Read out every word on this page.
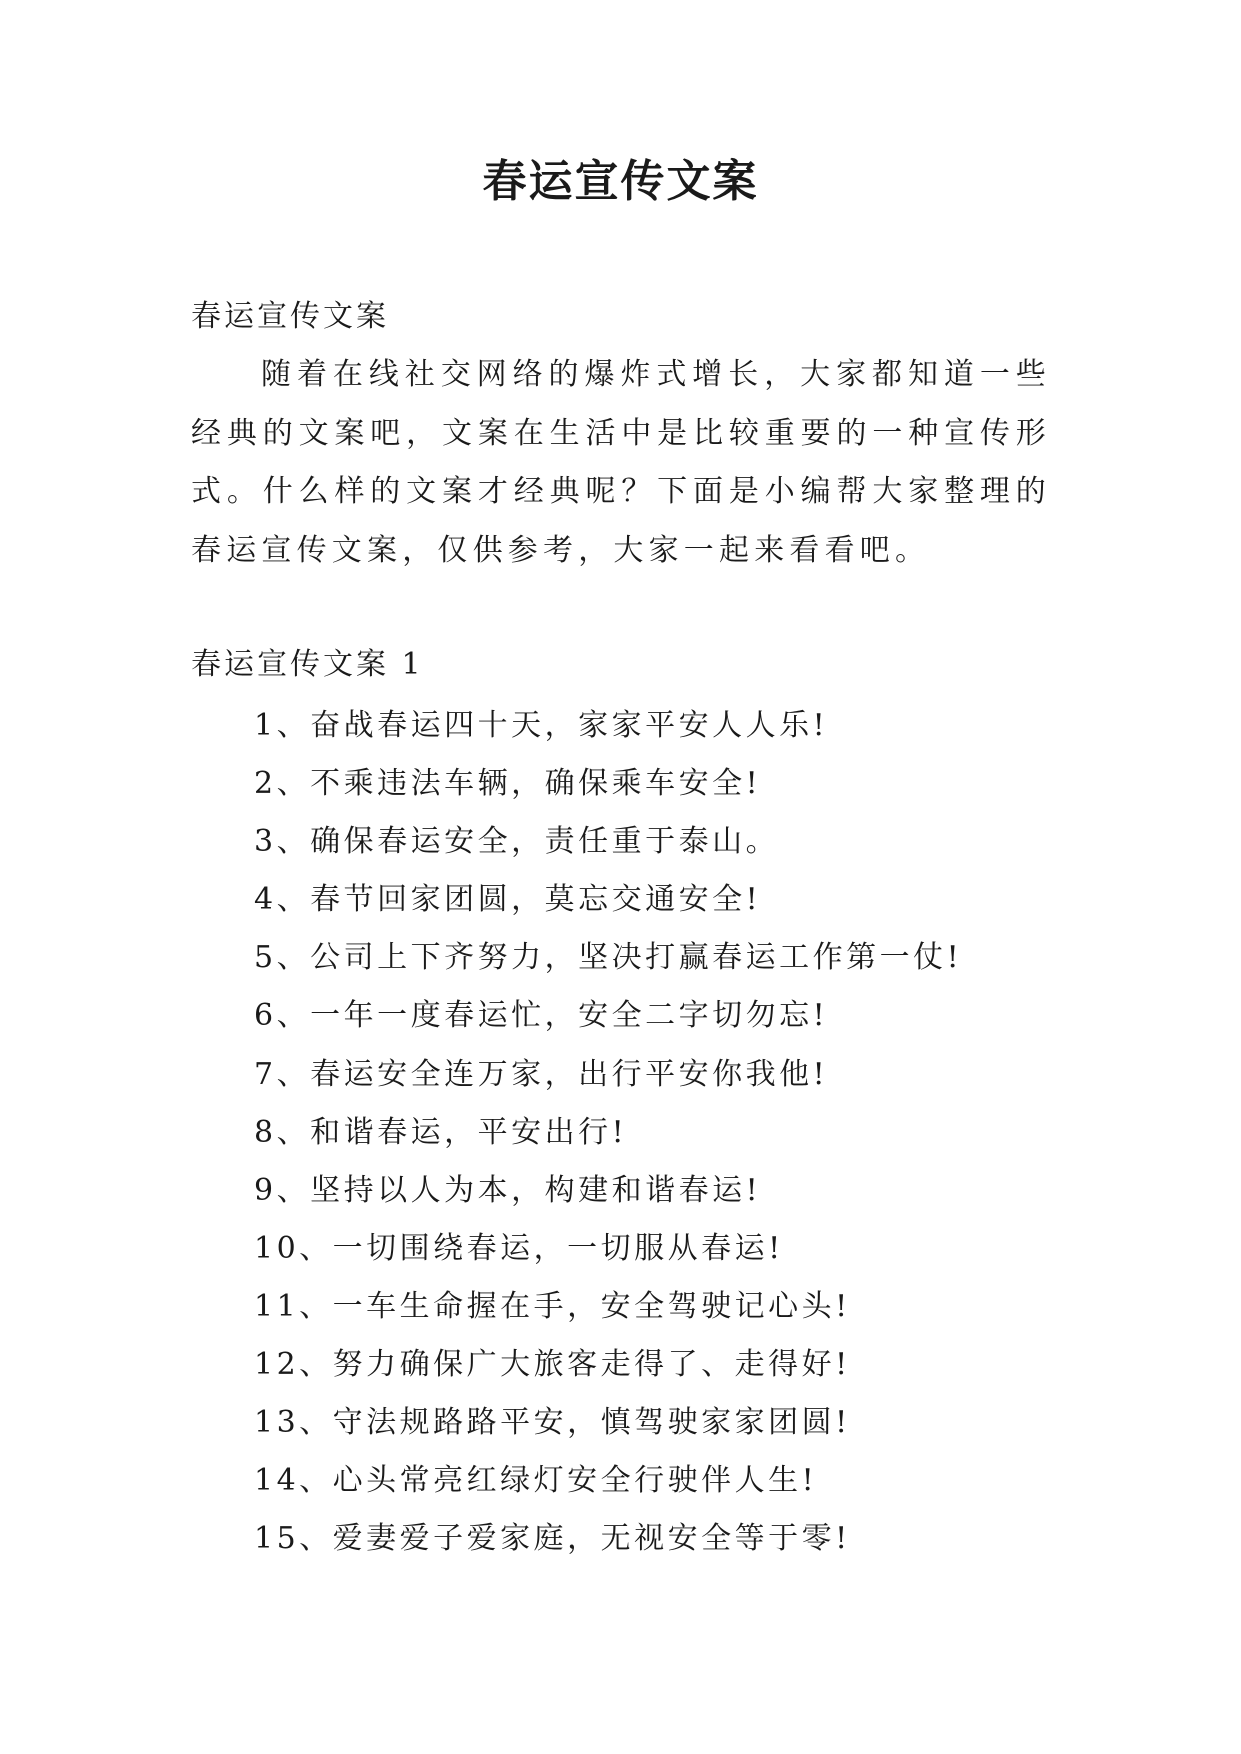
春运宣传文案
春运宣传文案

随着在线社交网络的爆炸式增长，大家都知道一些经典的文案吧，文案在生活中是比较重要的一种宣传形式。什么样的文案才经典呢？下面是小编帮大家整理的春运宣传文案，仅供参考，大家一起来看看吧。

春运宣传文案 1
1、奋战春运四十天，家家平安人人乐!
2、不乘违法车辆，确保乘车安全!
3、确保春运安全，责任重于泰山。
4、春节回家团圆，莫忘交通安全!
5、公司上下齐努力，坚决打赢春运工作第一仗!
6、一年一度春运忙，安全二字切勿忘!
7、春运安全连万家，出行平安你我他!
8、和谐春运，平安出行!
9、坚持以人为本，构建和谐春运!
10、一切围绕春运，一切服从春运!
11、一车生命握在手，安全驾驶记心头!
12、努力确保广大旅客走得了、走得好!
13、守法规路路平安，慎驾驶家家团圆!
14、心头常亮红绿灯安全行驶伴人生!
15、爱妻爱子爱家庭，无视安全等于零!
